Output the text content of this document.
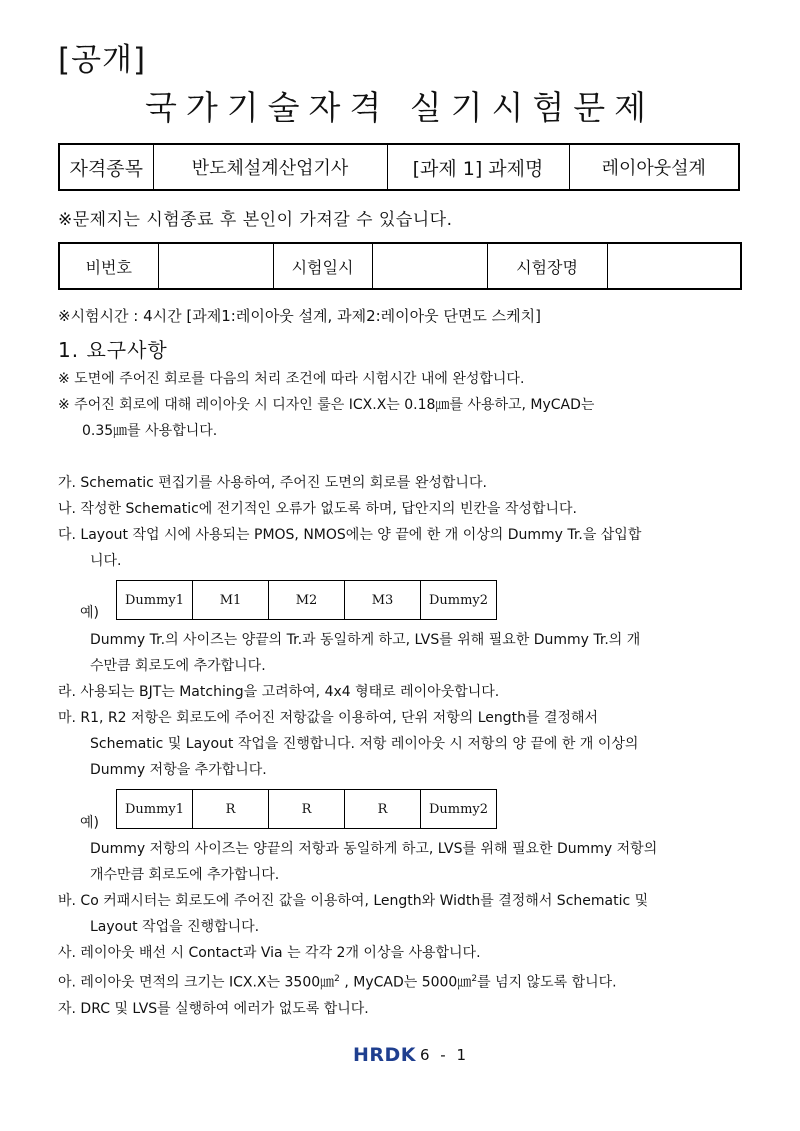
[공개]
국가기술자격 실기시험문제
자격종목	반도체설계산업기사	[과제 1] 과제명	레이아웃설계
※문제지는 시험종료 후 본인이 가져갈 수 있습니다.
비번호		시험일시		시험장명	
※시험시간 : 4시간 [과제1:레이아웃 설계, 과제2:레이아웃 단면도 스케치]
1. 요구사항
※ 도면에 주어진 회로를 다음의 처리 조건에 따라 시험시간 내에 완성합니다.
※ 주어진 회로에 대해 레이아웃 시 디자인 룰은 ICX.X는 0.18㎛를 사용하고, MyCAD는
0.35㎛를 사용합니다.
가. Schematic 편집기를 사용하여, 주어진 도면의 회로를 완성합니다.
나. 작성한 Schematic에 전기적인 오류가 없도록 하며, 답안지의 빈칸을 작성합니다.
다. Layout 작업 시에 사용되는 PMOS, NMOS에는 양 끝에 한 개 이상의 Dummy Tr.을 삽입합
니다.
예)
Dummy1	M1	M2	M3	Dummy2
Dummy Tr.의 사이즈는 양끝의 Tr.과 동일하게 하고, LVS를 위해 필요한 Dummy Tr.의 개
수만큼 회로도에 추가합니다.
라. 사용되는 BJT는 Matching을 고려하여, 4x4 형태로 레이아웃합니다.
마. R1, R2 저항은 회로도에 주어진 저항값을 이용하여, 단위 저항의 Length를 결정해서
Schematic 및 Layout 작업을 진행합니다. 저항 레이아웃 시 저항의 양 끝에 한 개 이상의
Dummy 저항을 추가합니다.
예)
Dummy1	R	R	R	Dummy2
Dummy 저항의 사이즈는 양끝의 저항과 동일하게 하고, LVS를 위해 필요한 Dummy 저항의
개수만큼 회로도에 추가합니다.
바. Co 커패시터는 회로도에 주어진 값을 이용하여, Length와 Width를 결정해서 Schematic 및
Layout 작업을 진행합니다.
사. 레이아웃 배선 시 Contact과 Via 는 각각 2개 이상을 사용합니다.
아. 레이아웃 면적의 크기는 ICX.X는 3500㎛$^2$ , MyCAD는 5000㎛$^2$를 넘지 않도록 합니다.
자. DRC 및 LVS를 실행하여 에러가 없도록 합니다.
HRDK 6 - 1
